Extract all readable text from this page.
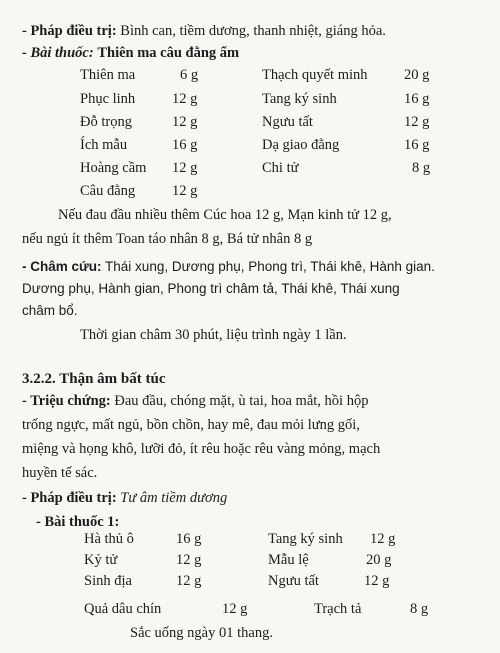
- Pháp điều trị: Bình can, tiềm dương, thanh nhiệt, giáng hỏa.
- Bài thuốc: Thiên ma câu đằng ẩm
Thiên ma	6 g	Thạch quyết minh	20 g
Phục linh	12 g	Tang ký sinh	16 g
Đỗ trọng	12 g	Ngưu tất	12 g
Ích mẫu	16 g	Dạ giao đằng	16 g
Hoàng cầm 12 g	Chi tử	8 g
Câu đằng	12 g
Nếu đau đầu nhiều thêm Cúc hoa 12 g, Mạn kinh tử 12 g,
nếu ngủ ít thêm Toan táo nhân 8 g, Bá tử nhân 8 g
- Châm cứu: Thái xung, Dương phụ, Phong trì, Thái khê, Hành gian.
Dương phụ, Hành gian, Phong trì châm tả, Thái khê, Thái xung
châm bổ.
Thời gian châm 30 phút, liệu trình ngày 1 lần.
3.2.2. Thận âm bất túc
- Triệu chứng: Đau đầu, chóng mặt, ù tai, hoa mắt, hồi hộp
trống ngực, mất ngủ, bồn chồn, hay mê, đau mỏi lưng gối,
miệng và họng khô, lưỡi đỏ, ít rêu hoặc rêu vàng mỏng, mạch
huyền tế sác.
- Pháp điều trị: Tư âm tiềm dương
- Bài thuốc 1:
Hà thủ ô	16 g	Tang ký sinh 12 g
Kỷ tử	12 g	Mẫu lệ	20 g
Sinh địa	12 g	Ngưu tất	12 g
Quả dâu chín	12 g	Trạch tả	8 g
Sắc uống ngày 01 thang.
